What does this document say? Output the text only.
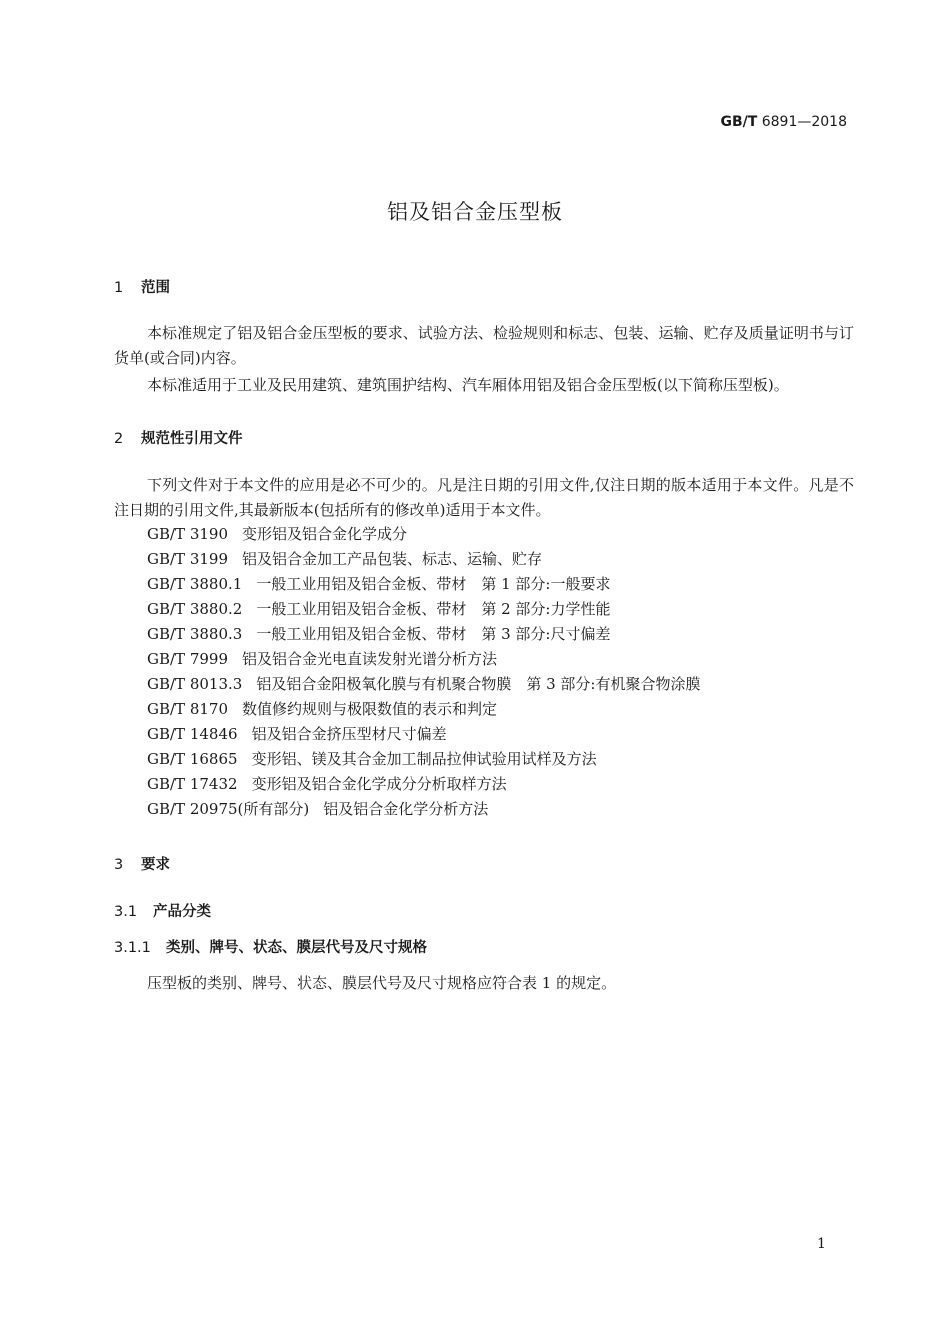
GB/T 6891—2018
铝及铝合金压型板
1 范围
本标准规定了铝及铝合金压型板的要求、试验方法、检验规则和标志、包装、运输、贮存及质量证明书与订货单(或合同)内容。
本标准适用于工业及民用建筑、建筑围护结构、汽车厢体用铝及铝合金压型板(以下简称压型板)。
2 规范性引用文件
下列文件对于本文件的应用是必不可少的。凡是注日期的引用文件,仅注日期的版本适用于本文件。凡是不注日期的引用文件,其最新版本(包括所有的修改单)适用于本文件。
GB/T 3190 变形铝及铝合金化学成分
GB/T 3199 铝及铝合金加工产品包装、标志、运输、贮存
GB/T 3880.1 一般工业用铝及铝合金板、带材　第 1 部分:一般要求
GB/T 3880.2 一般工业用铝及铝合金板、带材　第 2 部分:力学性能
GB/T 3880.3 一般工业用铝及铝合金板、带材　第 3 部分:尺寸偏差
GB/T 7999 铝及铝合金光电直读发射光谱分析方法
GB/T 8013.3 铝及铝合金阳极氧化膜与有机聚合物膜　第 3 部分:有机聚合物涂膜
GB/T 8170 数值修约规则与极限数值的表示和判定
GB/T 14846 铝及铝合金挤压型材尺寸偏差
GB/T 16865 变形铝、镁及其合金加工制品拉伸试验用试样及方法
GB/T 17432 变形铝及铝合金化学成分分析取样方法
GB/T 20975(所有部分) 铝及铝合金化学分析方法
3 要求
3.1 产品分类
3.1.1 类别、牌号、状态、膜层代号及尺寸规格
压型板的类别、牌号、状态、膜层代号及尺寸规格应符合表 1 的规定。
1
